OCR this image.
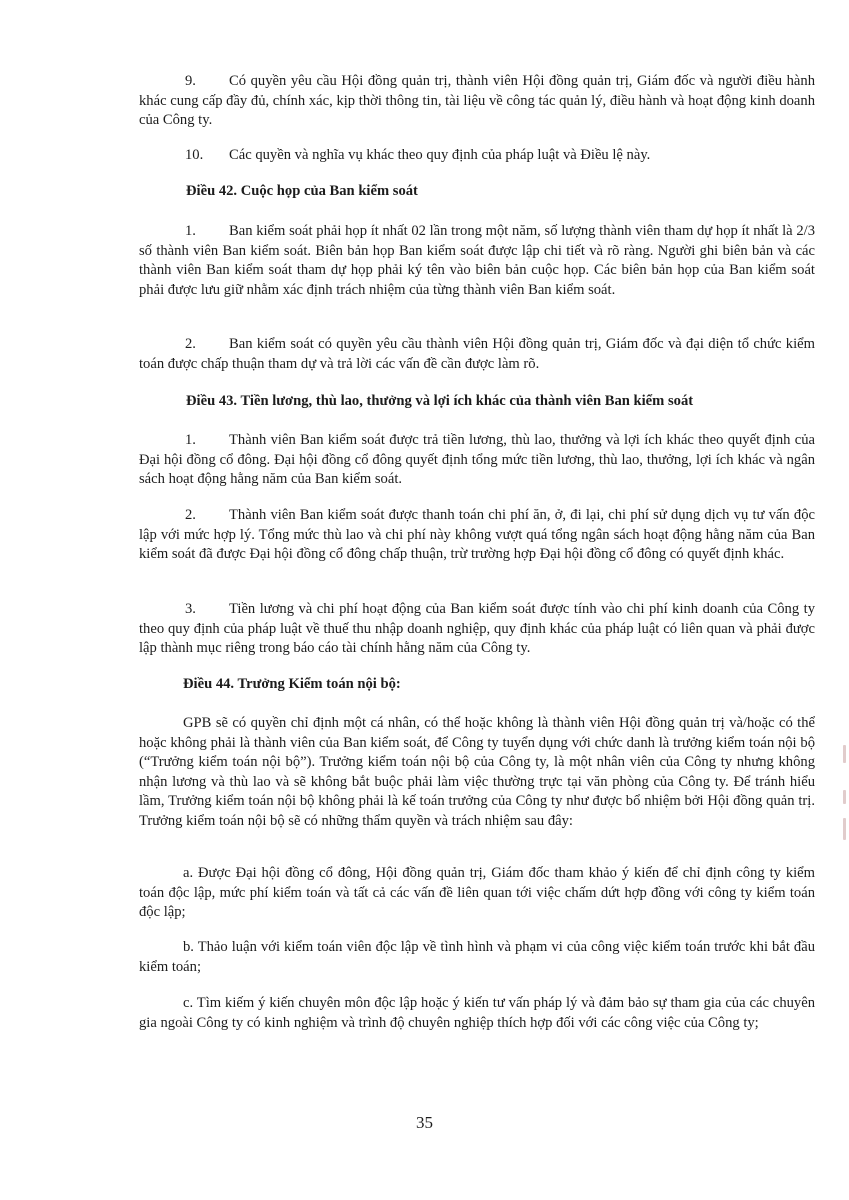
9. Có quyền yêu cầu Hội đồng quản trị, thành viên Hội đồng quản trị, Giám đốc và người điều hành khác cung cấp đầy đủ, chính xác, kịp thời thông tin, tài liệu về công tác quản lý, điều hành và hoạt động kinh doanh của Công ty.

10. Các quyền và nghĩa vụ khác theo quy định của pháp luật và Điều lệ này.

Điều 42. Cuộc họp của Ban kiểm soát

1. Ban kiểm soát phải họp ít nhất 02 lần trong một năm, số lượng thành viên tham dự họp ít nhất là 2/3 số thành viên Ban kiểm soát. Biên bản họp Ban kiểm soát được lập chi tiết và rõ ràng. Người ghi biên bản và các thành viên Ban kiểm soát tham dự họp phải ký tên vào biên bản cuộc họp. Các biên bản họp của Ban kiểm soát phải được lưu giữ nhằm xác định trách nhiệm của từng thành viên Ban kiểm soát.

2. Ban kiểm soát có quyền yêu cầu thành viên Hội đồng quản trị, Giám đốc và đại diện tổ chức kiểm toán được chấp thuận tham dự và trả lời các vấn đề cần được làm rõ.

Điều 43. Tiền lương, thù lao, thưởng và lợi ích khác của thành viên Ban kiểm soát

1. Thành viên Ban kiểm soát được trả tiền lương, thù lao, thưởng và lợi ích khác theo quyết định của Đại hội đồng cổ đông. Đại hội đồng cổ đông quyết định tổng mức tiền lương, thù lao, thưởng, lợi ích khác và ngân sách hoạt động hằng năm của Ban kiểm soát.

2. Thành viên Ban kiểm soát được thanh toán chi phí ăn, ở, đi lại, chi phí sử dụng dịch vụ tư vấn độc lập với mức hợp lý. Tổng mức thù lao và chi phí này không vượt quá tổng ngân sách hoạt động hằng năm của Ban kiểm soát đã được Đại hội đồng cổ đông chấp thuận, trừ trường hợp Đại hội đồng cổ đông có quyết định khác.

3. Tiền lương và chi phí hoạt động của Ban kiểm soát được tính vào chi phí kinh doanh của Công ty theo quy định của pháp luật về thuế thu nhập doanh nghiệp, quy định khác của pháp luật có liên quan và phải được lập thành mục riêng trong báo cáo tài chính hằng năm của Công ty.

Điều 44. Trưởng Kiểm toán nội bộ:

GPB sẽ có quyền chỉ định một cá nhân, có thể hoặc không là thành viên Hội đồng quản trị và/hoặc có thể hoặc không phải là thành viên của Ban kiểm soát, để Công ty tuyển dụng với chức danh là trưởng kiểm toán nội bộ (“Trưởng kiểm toán nội bộ”). Trưởng kiểm toán nội bộ của Công ty, là một nhân viên của Công ty nhưng không nhận lương và thù lao và sẽ không bắt buộc phải làm việc thường trực tại văn phòng của Công ty. Để tránh hiểu lầm, Trưởng kiểm toán nội bộ không phải là kế toán trưởng của Công ty như được bổ nhiệm bởi Hội đồng quản trị. Trưởng kiểm toán nội bộ sẽ có những thẩm quyền và trách nhiệm sau đây:

a. Được Đại hội đồng cổ đông, Hội đồng quản trị, Giám đốc tham khảo ý kiến để chỉ định công ty kiểm toán độc lập, mức phí kiểm toán và tất cả các vấn đề liên quan tới việc chấm dứt hợp đồng với công ty kiểm toán độc lập;

b. Thảo luận với kiểm toán viên độc lập về tình hình và phạm vi của công việc kiểm toán trước khi bắt đầu kiểm toán;

c. Tìm kiếm ý kiến chuyên môn độc lập hoặc ý kiến tư vấn pháp lý và đảm bảo sự tham gia của các chuyên gia ngoài Công ty có kinh nghiệm và trình độ chuyên nghiệp thích hợp đối với các công việc của Công ty;

35
